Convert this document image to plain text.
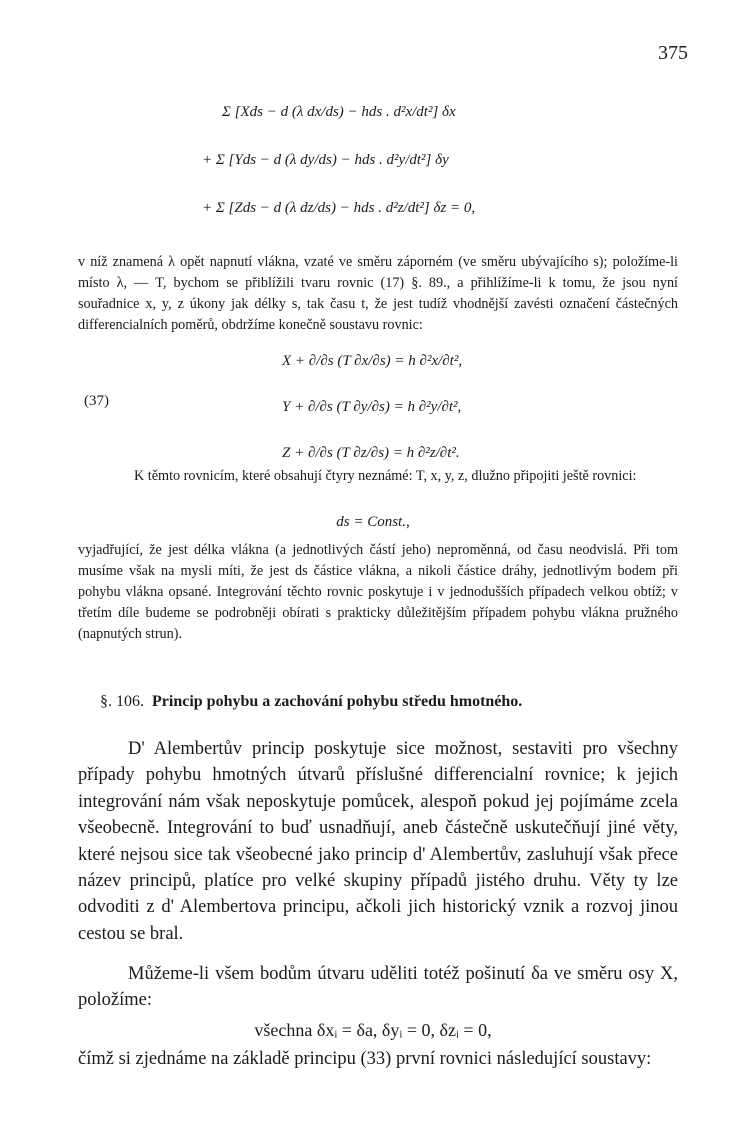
375
Σ [Xds − d (λ dx/ds) − hds . d²x/dt²] δx
+ Σ [Yds − d (λ dy/ds) − hds . d²y/dt²] δy
+ Σ [Zds − d (λ dz/ds) − hds . d²z/dt²] δz = 0,

v níž znamená λ opět napnutí vlákna, vzaté ve směru záporném (ve směru ubývajícího s); položíme-li místo λ, — T, bychom se přiblížili tvaru rovnic (17) §. 89., a přihlížíme-li k tomu, že jsou nyní souřadnice x, y, z úkony jak délky s, tak času t, že jest tudíž vhodnější zavésti označení částečných differencialních poměrů, obdržíme konečně soustavu rovnic:

(37)
X + ∂/∂s (T ∂x/∂s) = h ∂²x/∂t²,
Y + ∂/∂s (T ∂y/∂s) = h ∂²y/∂t²,
Z + ∂/∂s (T ∂z/∂s) = h ∂²z/∂t².

K těmto rovnicím, které obsahují čtyry neznámé: T, x, y, z, dlužno připojiti ještě rovnici:

ds = Const.,

vyjadřující, že jest délka vlákna (a jednotlivých částí jeho) neproměnná, od času neodvislá. Při tom musíme však na mysli míti, že jest ds částice vlákna, a nikoli částice dráhy, jednotlivým bodem při pohybu vlákna opsané. Integrování těchto rovnic poskytuje i v jednodušších případech velkou obtíž; v třetím díle budeme se podrobněji obírati s prakticky důležitějším případem pohybu vlákna pružného (napnutých strun).

§. 106. Princip pohybu a zachování pohybu středu hmotného.

D' Alembertův princip poskytuje sice možnost, sestaviti pro všechny případy pohybu hmotných útvarů příslušné differencialní rovnice; k jejich integrování nám však neposkytuje pomůcek, alespoň pokud jej pojímáme zcela všeobecně. Integrování to buď usnadňují, aneb částečně uskutečňují jiné věty, které nejsou sice tak všeobecné jako princip d' Alembertův, zasluhují však přece název principů, platíce pro velké skupiny případů jistého druhu. Věty ty lze odvoditi z d' Alembertova principu, ačkoli jich historický vznik a rozvoj jinou cestou se bral.

Můžeme-li všem bodům útvaru uděliti totéž pošinutí δa ve směru osy X, položíme:

všechna δxᵢ = δa, δyᵢ = 0, δzᵢ = 0,

čímž si zjednáme na základě principu (33) první rovnici následující soustavy:
